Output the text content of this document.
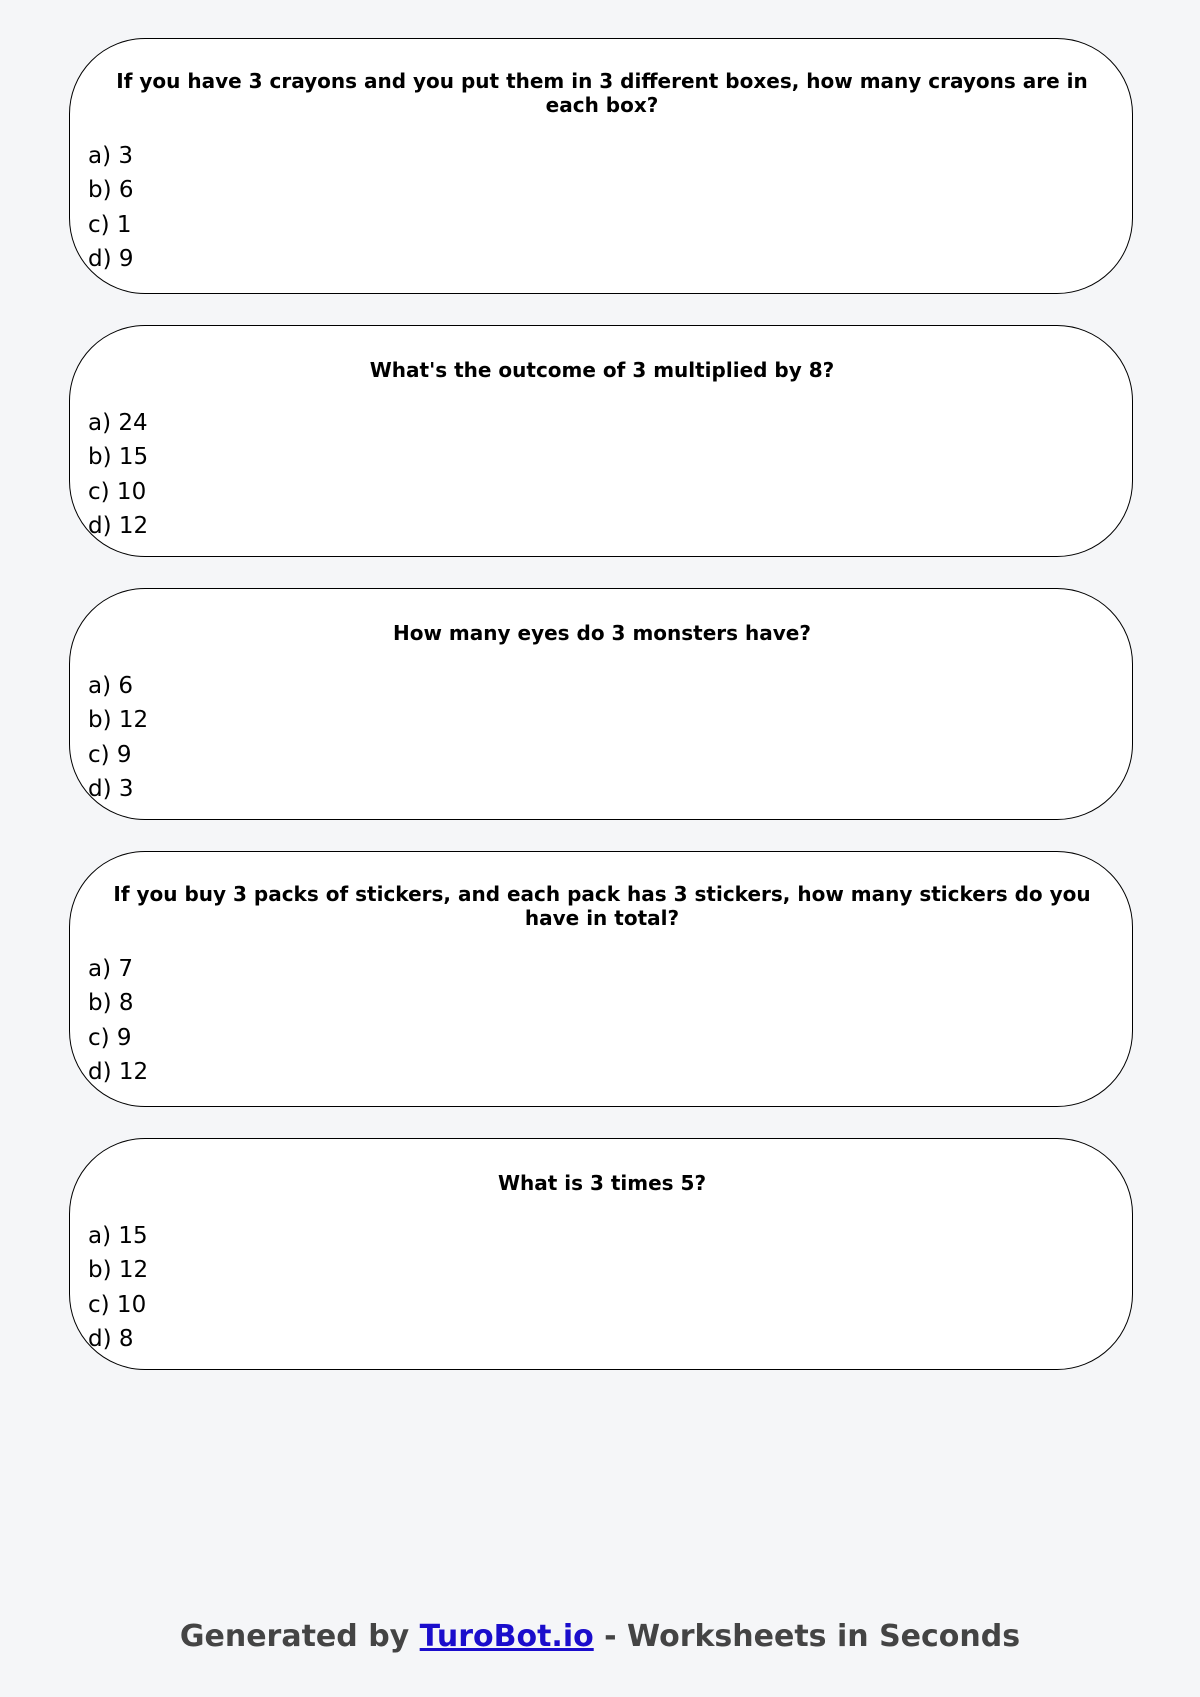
If you have 3 crayons and you put them in 3 different boxes, how many crayons are in each box?
a) 3
b) 6
c) 1
d) 9
What's the outcome of 3 multiplied by 8?
a) 24
b) 15
c) 10
d) 12
How many eyes do 3 monsters have?
a) 6
b) 12
c) 9
d) 3
If you buy 3 packs of stickers, and each pack has 3 stickers, how many stickers do you have in total?
a) 7
b) 8
c) 9
d) 12
What is 3 times 5?
a) 15
b) 12
c) 10
d) 8
Generated by TuroBot.io - Worksheets in Seconds
